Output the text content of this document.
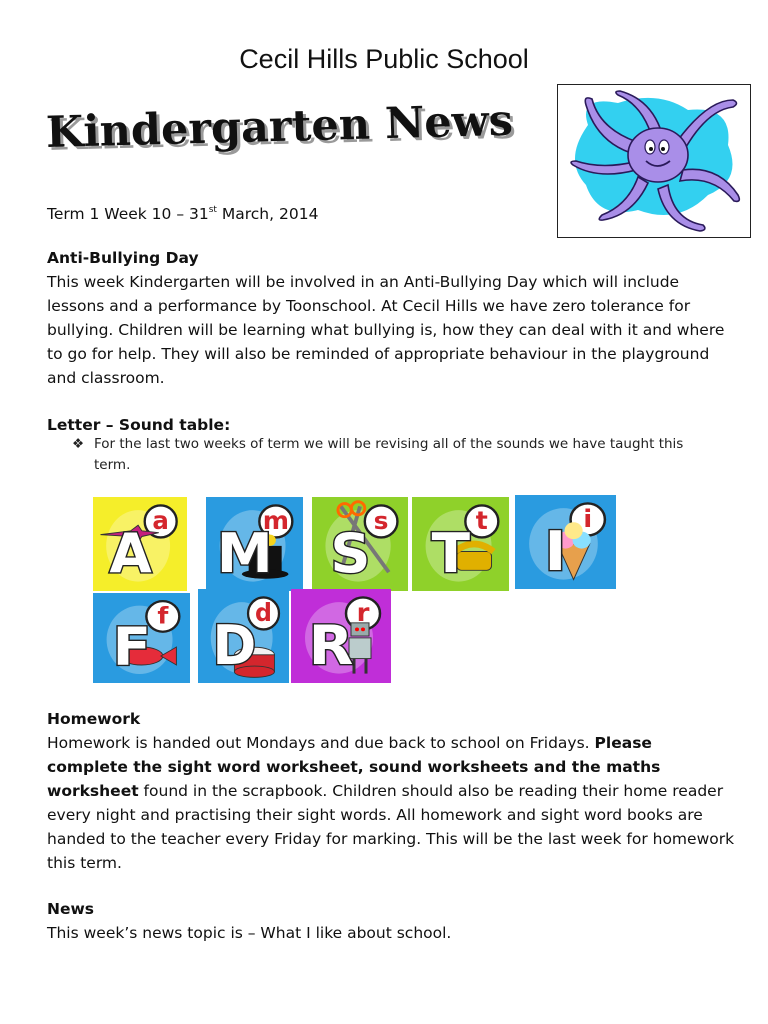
Cecil Hills Public School
Kindergarten News
Term 1 Week 10 – 31st March, 2014
Anti-Bullying Day
This week Kindergarten will be involved in an Anti-Bullying Day which will include lessons and a performance by Toonschool. At Cecil Hills we have zero tolerance for bullying. Children will be learning what bullying is, how they can deal with it and where to go for help. They will also be reminded of appropriate behaviour in the playground and classroom.
Letter – Sound table:
❖ For the last two weeks of term we will be revising all of the sounds we have taught this term.
A
a
M
m
S
s
T
t I
i
F
f D
d
R
r
Homework
Homework is handed out Mondays and due back to school on Fridays. Please complete the sight word worksheet, sound worksheets and the maths worksheet found in the scrapbook. Children should also be reading their home reader every night and practising their sight words. All homework and sight word books are handed to the teacher every Friday for marking. This will be the last week for homework this term.
News
This week’s news topic is – What I like about school.
